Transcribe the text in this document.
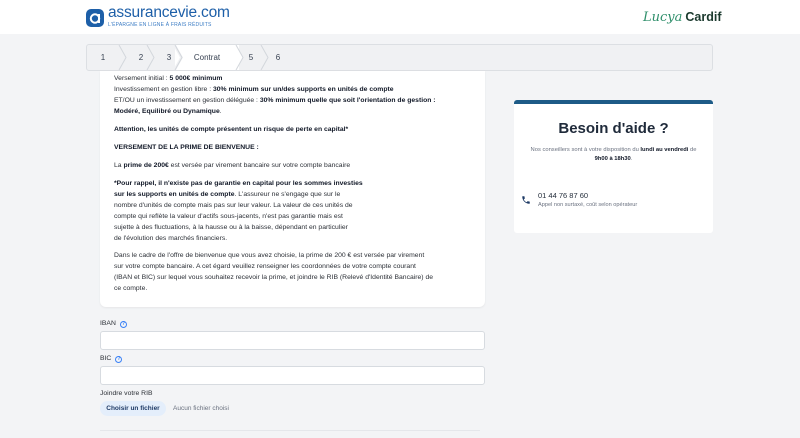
assurancevie.com
L'ÉPARGNE EN LIGNE À FRAIS RÉDUITS	Lucya Cardif
1	2	3	Contrat	5	6
Versement initial : 5 000€ minimum
Investissement en gestion libre : 30% minimum sur un/des supports en unités de compte
ET/OU un investissement en gestion déléguée : 30% minimum quelle que soit l'orientation de gestion :
Modéré, Equilibré ou Dynamique.
Attention, les unités de compte présentent un risque de perte en capital*
VERSEMENT DE LA PRIME DE BIENVENUE :
La prime de 200€ est versée par virement bancaire sur votre compte bancaire
*Pour rappel, il n'existe pas de garantie en capital pour les sommes investies
sur les supports en unités de compte. L'assureur ne s'engage que sur le
nombre d'unités de compte mais pas sur leur valeur. La valeur de ces unités de
compte qui reflète la valeur d'actifs sous-jacents, n'est pas garantie mais est
sujette à des fluctuations, à la hausse ou à la baisse, dépendant en particulier
de l'évolution des marchés financiers.
Dans le cadre de l'offre de bienvenue que vous avez choisie, la prime de 200 € est versée par virement
sur votre compte bancaire. A cet égard veuillez renseigner les coordonnées de votre compte courant
(IBAN et BIC) sur lequel vous souhaitez recevoir la prime, et joindre le RIB (Relevé d'Identité Bancaire) de
ce compte.
IBAN ?
BIC ?
Joindre votre RIB
Choisir un fichier	Aucun fichier choisi
Besoin d'aide ?
Nos conseillers sont à votre disposition du lundi au vendredi de
9h00 à 18h30.
01 44 76 87 60
Appel non surtaxé, coût selon opérateur
